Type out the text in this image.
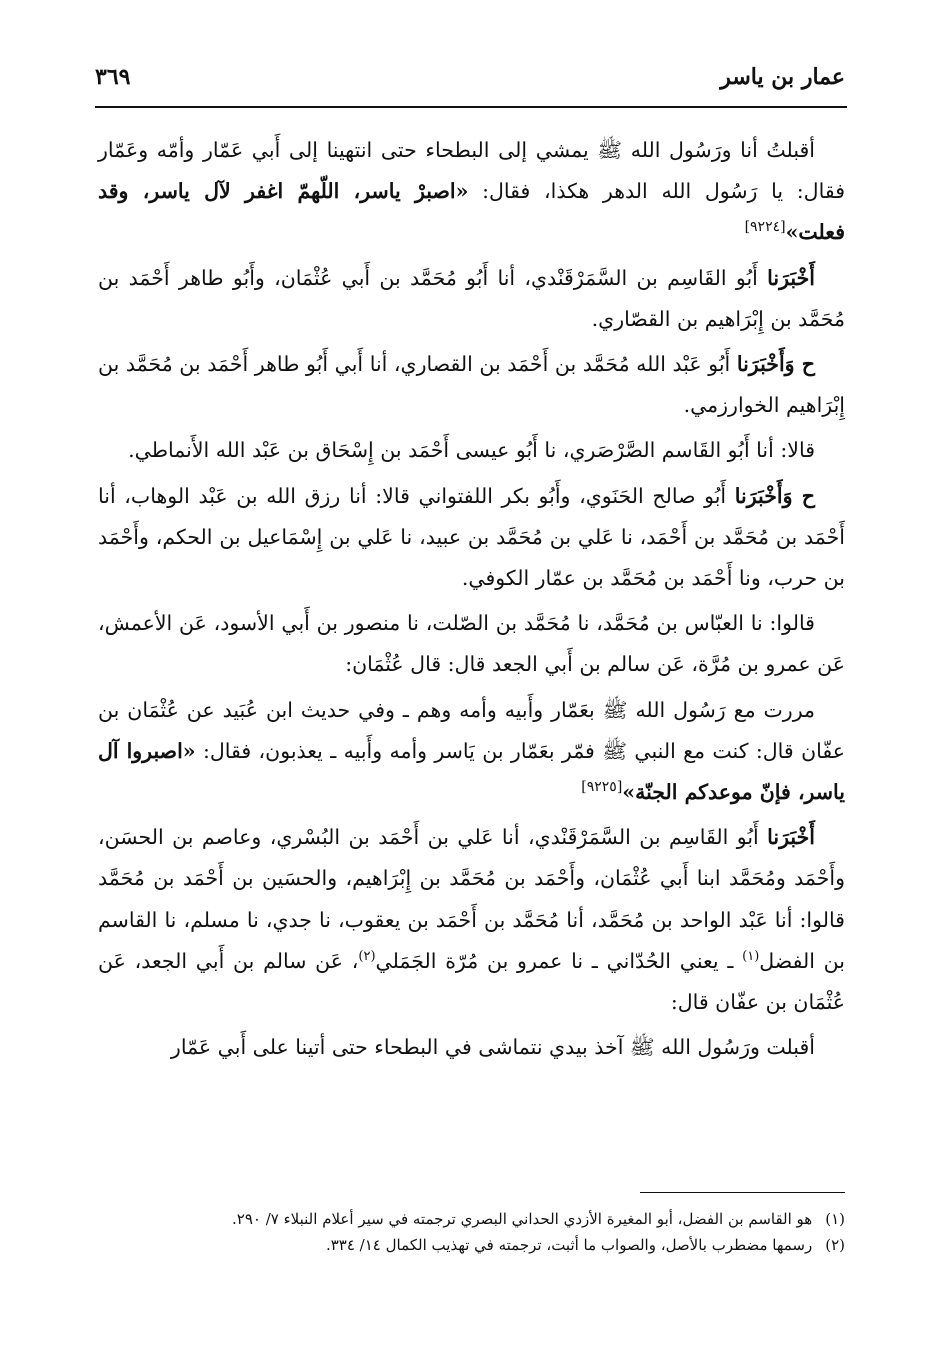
عمار بن ياسر
٣٦٩

أقبلتُ أنا ورَسُول الله ﷺ يمشي إلى البطحاء حتى انتهينا إلى أَبي عَمّار وأمّه وعَمّار فقال: يا رَسُول الله الدهر هكذا، فقال: «اصبرْ ياسر، اللّهمّ اغفر لآل ياسر، وقد فعلت»[٩٢٢٤]

أَخْبَرَنا أَبُو القَاسِم بن السَّمَرْقَنْدي، أنا أَبُو مُحَمَّد بن أَبي عُثْمَان، وأَبُو طاهر أَحْمَد بن مُحَمَّد بن إِبْرَاهيم بن القصّاري.

ح وَأَخْبَرَنا أَبُو عَبْد الله مُحَمَّد بن أَحْمَد بن القصاري، أنا أَبي أَبُو طاهر أَحْمَد بن مُحَمَّد بن إِبْرَاهيم الخوارزمي.

قالا: أنا أَبُو القَاسم الصَّرْصَري، نا أَبُو عيسى أَحْمَد بن إِسْحَاق بن عَبْد الله الأَنماطي.

ح وَأَخْبَرَنا أَبُو صالح الحَنَوي، وأَبُو بكر اللفتواني قالا: أنا رزق الله بن عَبْد الوهاب، أنا أَحْمَد بن مُحَمَّد بن أَحْمَد، نا عَلي بن مُحَمَّد بن عبيد، نا عَلي بن إِسْمَاعيل بن الحكم، وأَحْمَد بن حرب، ونا أَحْمَد بن مُحَمَّد بن عمّار الكوفي.

قالوا: نا العبّاس بن مُحَمَّد، نا مُحَمَّد بن الصّلت، نا منصور بن أَبي الأسود، عَن الأعمش، عَن عمرو بن مُرَّة، عَن سالم بن أَبي الجعد قال: قال عُثْمَان:

مررت مع رَسُول الله ﷺ بعَمّار وأَبيه وأمه وهم ـ وفي حديث ابن عُبَيد عن عُثْمَان بن عفّان قال: كنت مع النبي ﷺ فمّر بعَمّار بن يَاسر وأمه وأَبيه ـ يعذبون، فقال: «اصبروا آل ياسر، فإنّ موعدكم الجنّة»[٩٢٢٥]

أَخْبَرَنا أَبُو القَاسِم بن السَّمَرْقَنْدي، أنا عَلي بن أَحْمَد بن البُسْري، وعاصم بن الحسَن، وأَحْمَد ومُحَمَّد ابنا أَبي عُثْمَان، وأَحْمَد بن مُحَمَّد بن إِبْرَاهيم، والحسَين بن أَحْمَد بن مُحَمَّد قالوا: أنا عَبْد الواحد بن مُحَمَّد، أنا مُحَمَّد بن أَحْمَد بن يعقوب، نا جدي، نا مسلم، نا القاسم بن الفضل$^{(١)}$ ـ يعني الحُدّاني ـ نا عمرو بن مُرّة الجَمَلي$^{(٢)}$، عَن سالم بن أَبي الجعد، عَن عُثْمَان بن عفّان قال:

أقبلت ورَسُول الله ﷺ آخذ بيدي نتماشى في البطحاء حتى أتينا على أَبي عَمّار

(١) هو القاسم بن الفضل، أبو المغيرة الأزدي الحداني البصري ترجمته في سير أعلام النبلاء ٧/ ٢٩٠.
(٢) رسمها مضطرب بالأصل، والصواب ما أثبت، ترجمته في تهذيب الكمال ١٤/ ٣٣٤.
